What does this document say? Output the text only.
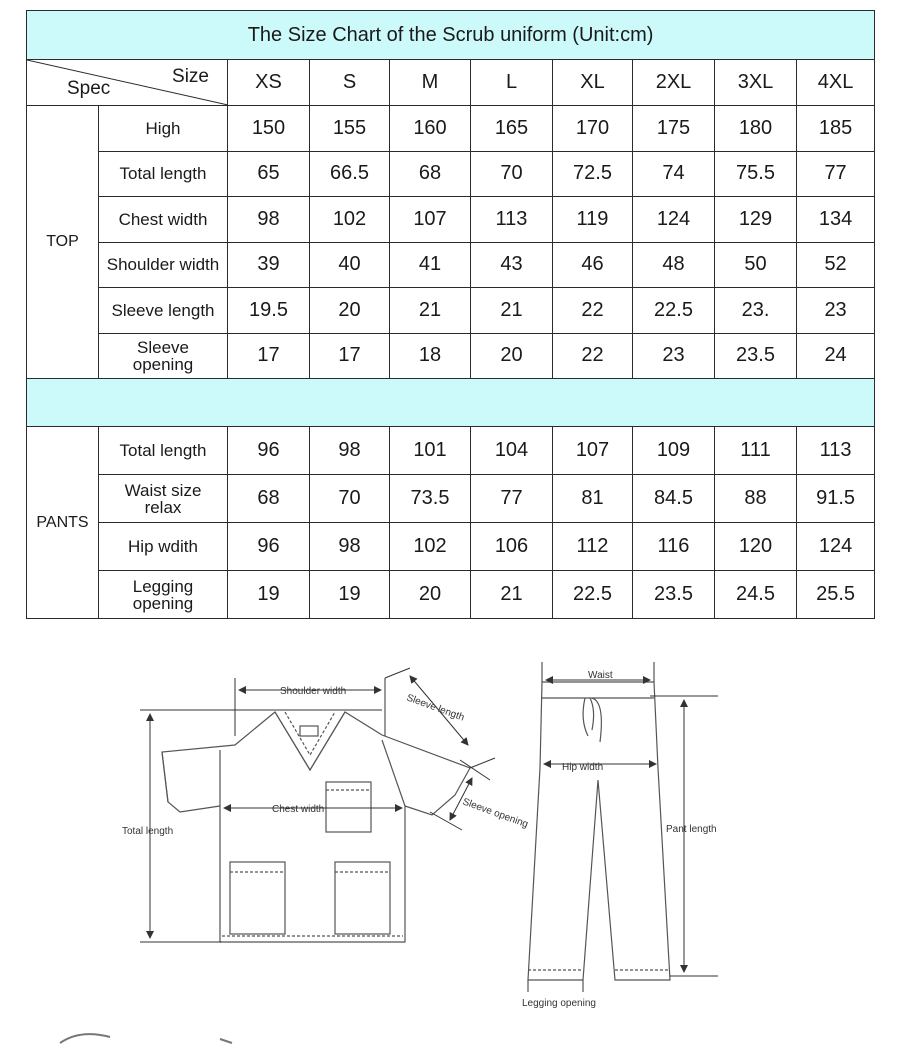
The Size Chart of the Scrub uniform (Unit:cm)									

Size
Spec		XS	S	M	L	XL	2XL	3XL	4XL
TOP	High	150	155	160	165	170	175	180	185
	Total length	65	66.5	68	70	72.5	74	75.5	77
	Chest width	98	102	107	113	119	124	129	134
	Shoulder width	39	40	41	43	46	48	50	52
	Sleeve length	19.5	20	21	21	22	22.5	23.	23
	Sleeve
opening	17	17	18	20	22	23	23.5	24

PANTS	Total length	96	98	101	104	107	109	111	113
	Waist size
relax	68	70	73.5	77	81	84.5	88	91.5
	Hip wdith	96	98	102	106	112	116	120	124
	Legging
opening	19	19	20	21	22.5	23.5	24.5	25.5
Shoulder width
Sleeve length
Chest width	Sleeve opening
Total length
Waist
Hip width
Pant length
Legging opening
